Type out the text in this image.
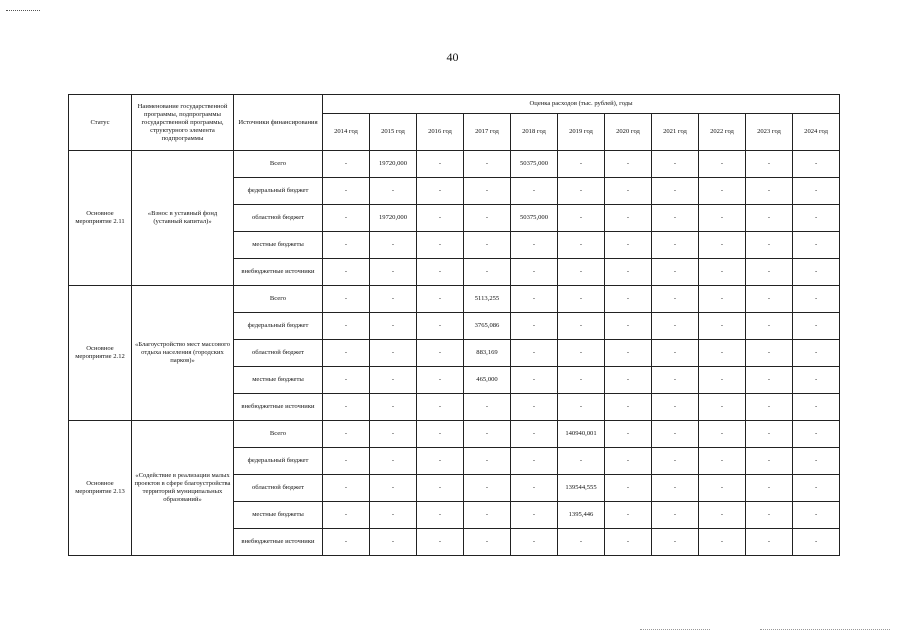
40
Статус	Наименование государственной программы, подпрограммы государственной программы, структурного элемента подпрограммы	Источники финансирования	Оценка расходов (тыс. рублей), годы										
			2014 год	2015 год	2016 год	2017 год	2018 год	2019 год	2020 год	2021 год	2022 год	2023 год	2024 год
Основное мероприятие 2.11	«Взнос в уставный фонд (уставный капитал)»	Всего	-	19720,000	-	-	50375,000	-	-	-	-	-	-
		федеральный бюджет	-	-	-	-	-	-	-	-	-	-	-
		областной бюджет	-	19720,000	-	-	50375,000	-	-	-	-	-	-
		местные бюджеты	-	-	-	-	-	-	-	-	-	-	-
		внебюджетные источники	-	-	-	-	-	-	-	-	-	-	-
Основное мероприятие 2.12	«Благоустройство мест массового отдыха населения (городских парков)»	Всего	-	-	-	5113,255	-	-	-	-	-	-	-
		федеральный бюджет	-	-	-	3765,086	-	-	-	-	-	-	-
		областной бюджет	-	-	-	883,169	-	-	-	-	-	-	-
		местные бюджеты	-	-	-	465,000	-	-	-	-	-	-	-
		внебюджетные источники	-	-	-	-	-	-	-	-	-	-	-
Основное мероприятие 2.13	«Содействие в реализации малых проектов в сфере благоустройства территорий муниципальных образований»	Всего	-	-	-	-	-	140940,001	-	-	-	-	-
		федеральный бюджет	-	-	-	-	-	-	-	-	-	-	-
		областной бюджет	-	-	-	-	-	139544,555	-	-	-	-	-
		местные бюджеты	-	-	-	-	-	1395,446	-	-	-	-	-
		внебюджетные источники	-	-	-	-	-	-	-	-	-	-	-
